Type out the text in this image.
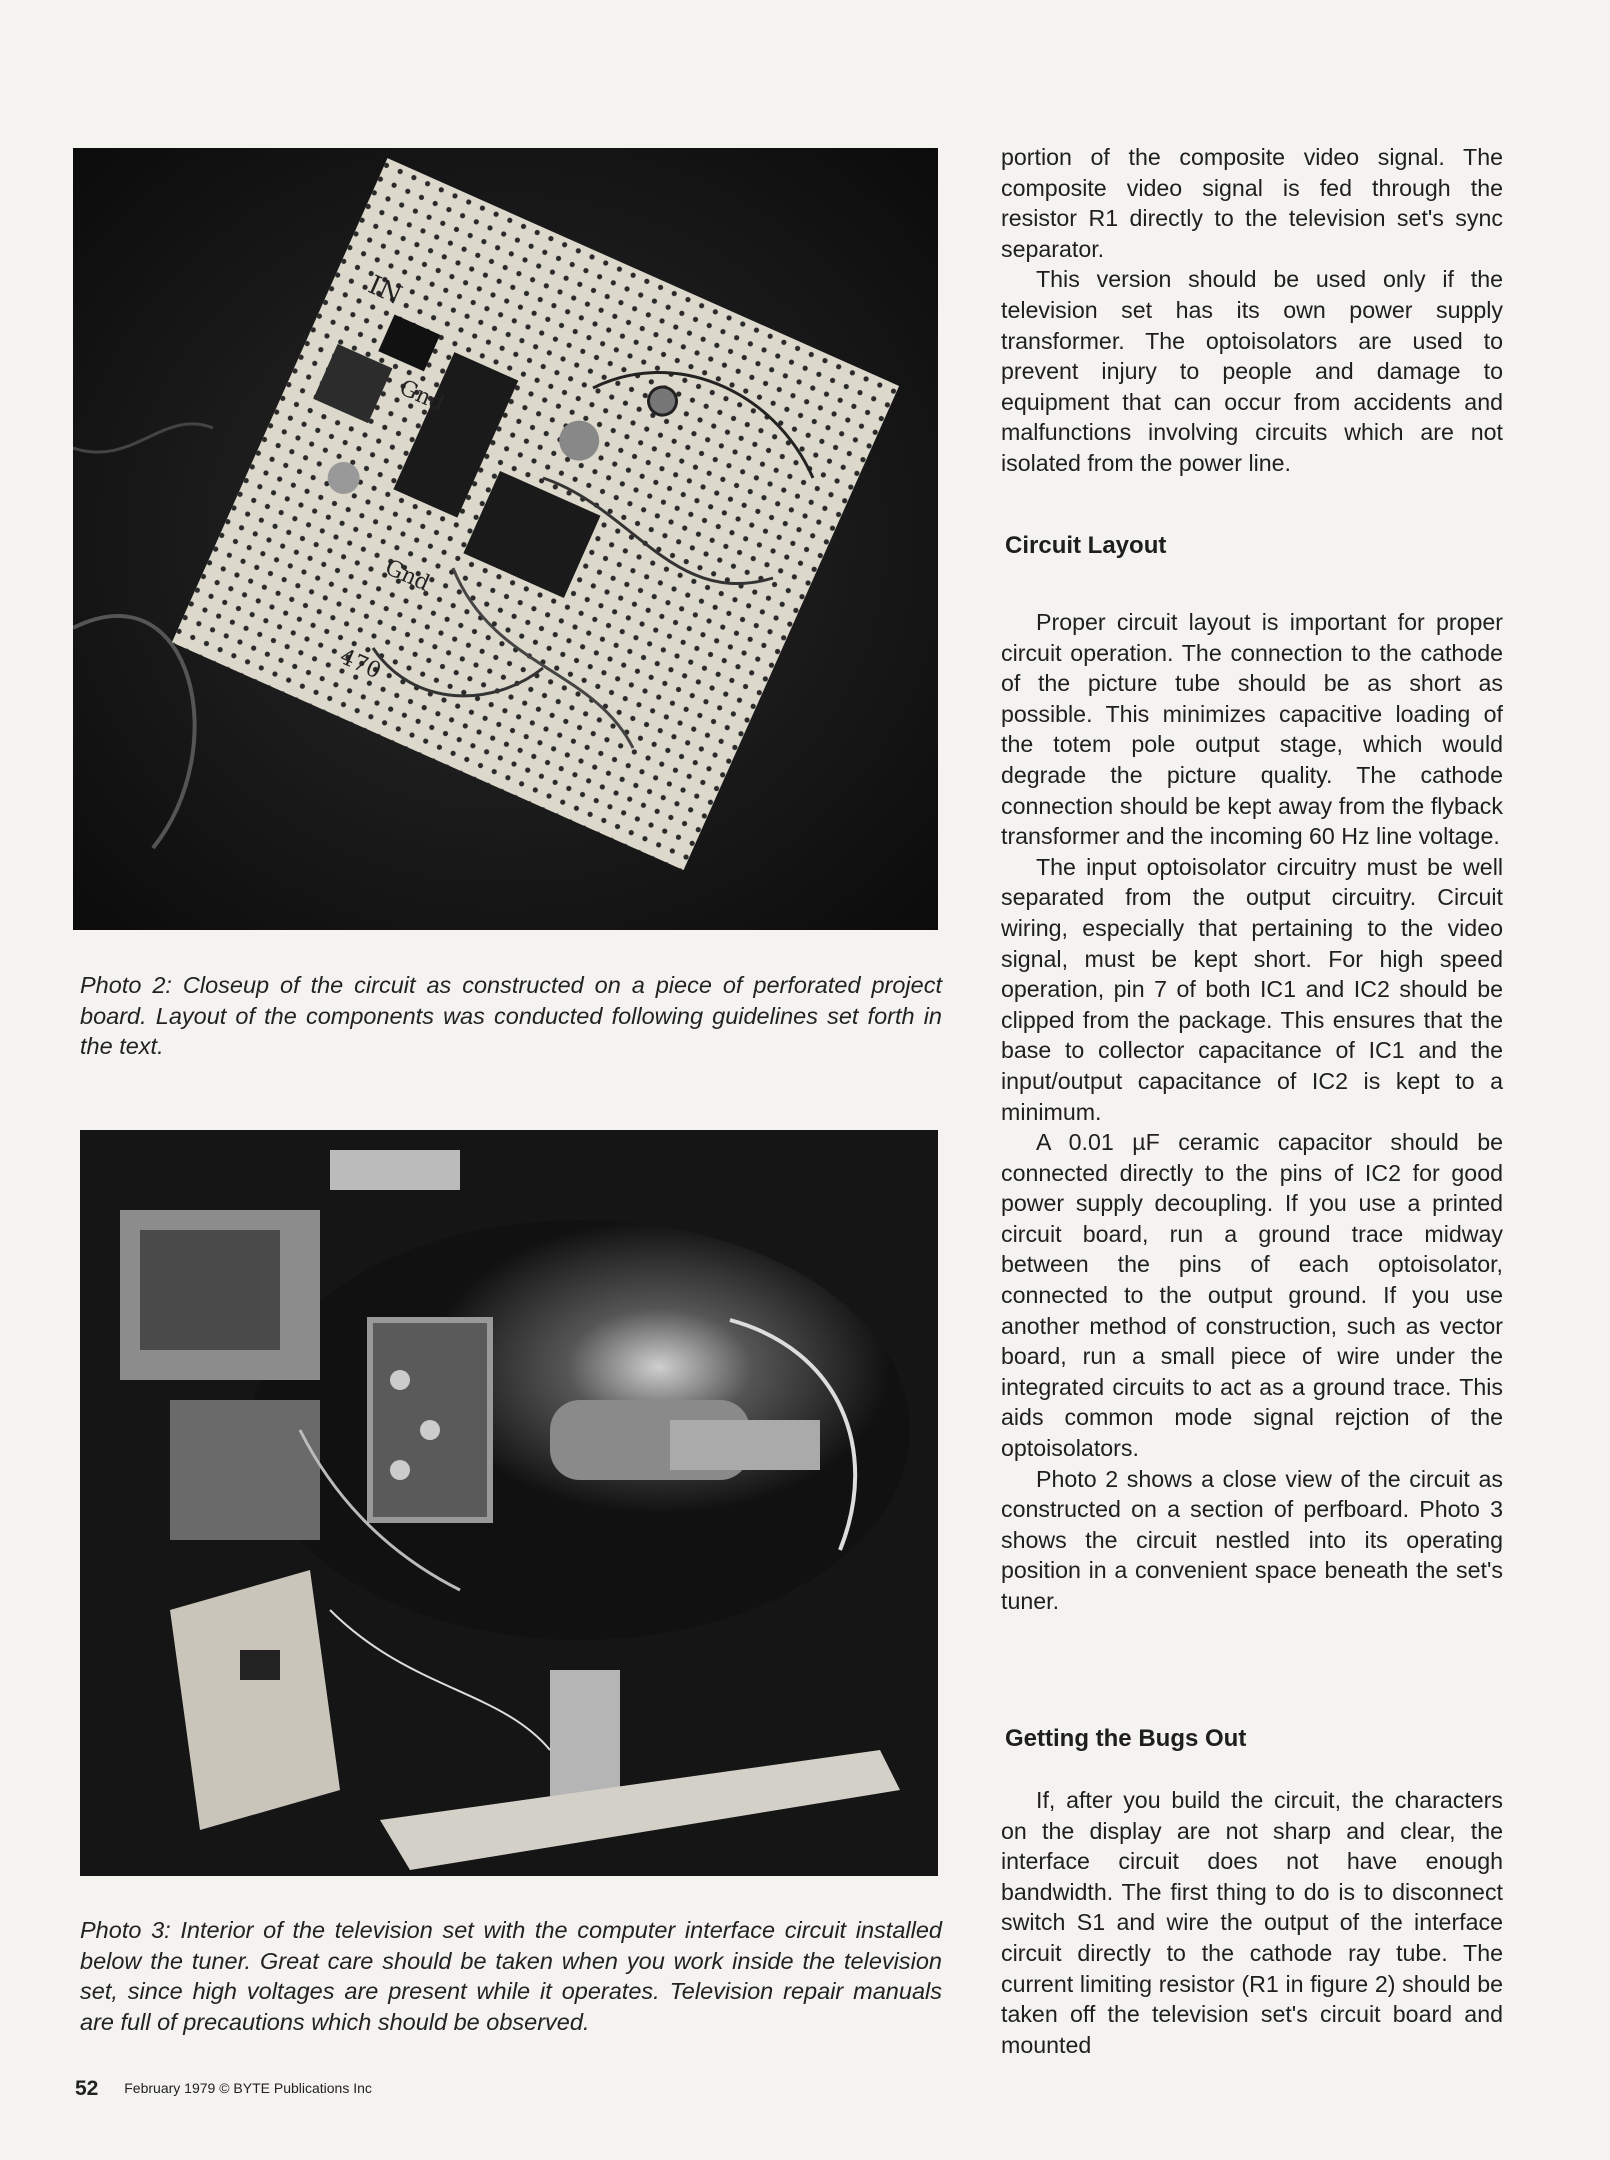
IN
Gnd
Gnd
470
Photo 2: Closeup of the circuit as constructed on a piece of perforated project board. Layout of the components was conducted following guidelines set forth in the text.
Photo 3: Interior of the television set with the computer interface circuit installed below the tuner. Great care should be taken when you work inside the television set, since high voltages are present while it operates. Television repair manuals are full of precautions which should be observed.

portion of the composite video signal. The composite video signal is fed through the resistor R1 directly to the television set's sync separator.

This version should be used only if the television set has its own power supply transformer. The optoisolators are used to prevent injury to people and damage to equipment that can occur from accidents and malfunctions involving circuits which are not isolated from the power line.

Circuit Layout

Proper circuit layout is important for proper circuit operation. The connection to the cathode of the picture tube should be as short as possible. This minimizes capacitive loading of the totem pole output stage, which would degrade the picture quality. The cathode connection should be kept away from the flyback transformer and the incoming 60 Hz line voltage.

The input optoisolator circuitry must be well separated from the output circuitry. Circuit wiring, especially that pertaining to the video signal, must be kept short. For high speed operation, pin 7 of both IC1 and IC2 should be clipped from the package. This ensures that the base to collector capacitance of IC1 and the input/output capacitance of IC2 is kept to a minimum.

A 0.01 µF ceramic capacitor should be connected directly to the pins of IC2 for good power supply decoupling. If you use a printed circuit board, run a ground trace midway between the pins of each optoisolator, connected to the output ground. If you use another method of construction, such as vector board, run a small piece of wire under the integrated circuits to act as a ground trace. This aids common mode signal rejction of the optoisolators.

Photo 2 shows a close view of the circuit as constructed on a section of perfboard. Photo 3 shows the circuit nestled into its operating position in a convenient space beneath the set's tuner.

Getting the Bugs Out

If, after you build the circuit, the characters on the display are not sharp and clear, the interface circuit does not have enough bandwidth. The first thing to do is to disconnect switch S1 and wire the output of the interface circuit directly to the cathode ray tube. The current limiting resistor (R1 in figure 2) should be taken off the television set's circuit board and mounted

52 February 1979 © BYTE Publications Inc
